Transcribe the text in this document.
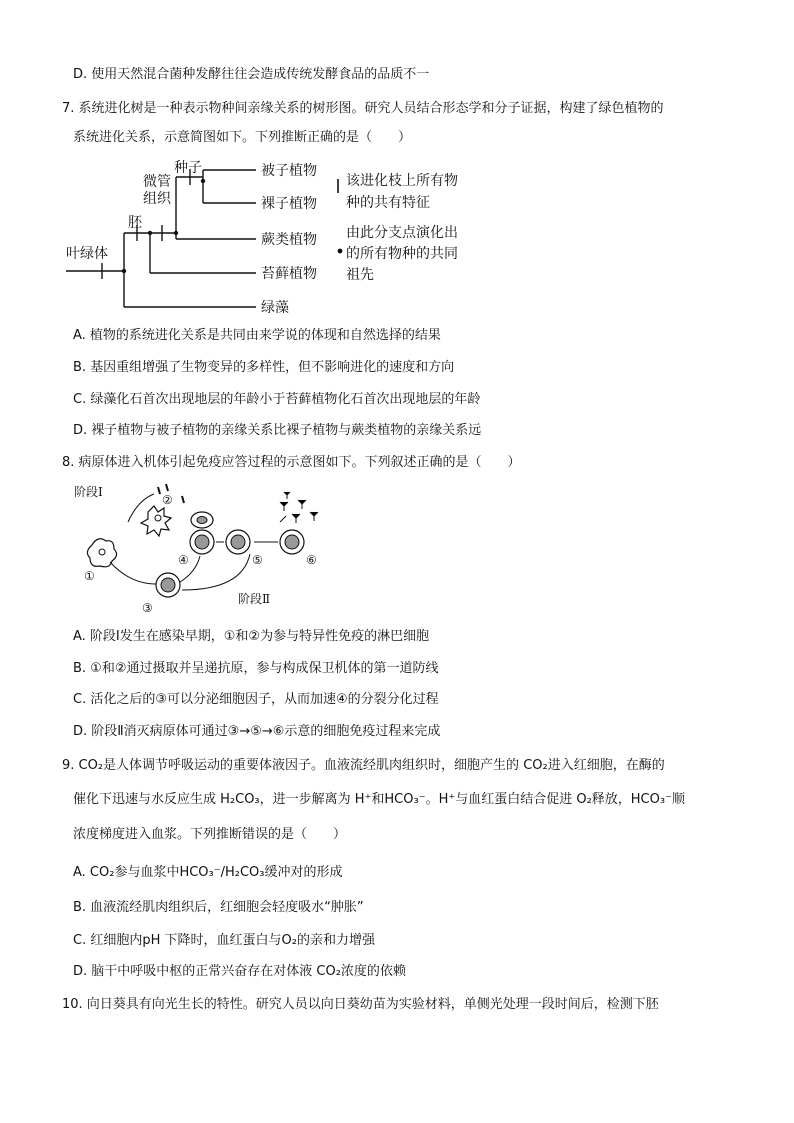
D. 使用天然混合菌种发酵往往会造成传统发酵食品的品质不一
7. 系统进化树是一种表示物种间亲缘关系的树形图。研究人员结合形态学和分子证据，构建了绿色植物的
系统进化关系，示意简图如下。下列推断正确的是（　　）
叶绿体
胚
微管
组织
种子	被子植物
裸子植物
蕨类植物
苔藓植物
绿藻
该进化枝上所有物
种的共有特征
由此分支点演化出
的所有物种的共同
祖先
A. 植物的系统进化关系是共同由来学说的体现和自然选择的结果
B. 基因重组增强了生物变异的多样性，但不影响进化的速度和方向
C. 绿藻化石首次出现地层的年龄小于苔藓植物化石首次出现地层的年龄
D. 裸子植物与被子植物的亲缘关系比裸子植物与蕨类植物的亲缘关系远
8. 病原体进入机体引起免疫应答过程的示意图如下。下列叙述正确的是（　　）
阶段Ⅰ
阶段Ⅱ
①
②
③
④	⑤	⑥
A. 阶段Ⅰ发生在感染早期，①和②为参与特异性免疫的淋巴细胞
B. ①和②通过摄取并呈递抗原，参与构成保卫机体的第一道防线
C. 活化之后的③可以分泌细胞因子，从而加速④的分裂分化过程
D. 阶段Ⅱ消灭病原体可通过③→⑤→⑥示意的细胞免疫过程来完成
9. CO₂是人体调节呼吸运动的重要体液因子。血液流经肌肉组织时，细胞产生的 CO₂进入红细胞，在酶的
催化下迅速与水反应生成 H₂CO₃，进一步解离为 H⁺和HCO₃⁻。H⁺与血红蛋白结合促进 O₂释放，HCO₃⁻顺
浓度梯度进入血浆。下列推断错误的是（　　）
A. CO₂参与血浆中HCO₃⁻/H₂CO₃缓冲对的形成
B. 血液流经肌肉组织后，红细胞会轻度吸水“肿胀”
C. 红细胞内pH 下降时，血红蛋白与O₂的亲和力增强
D. 脑干中呼吸中枢的正常兴奋存在对体液 CO₂浓度的依赖
10. 向日葵具有向光生长的特性。研究人员以向日葵幼苗为实验材料，单侧光处理一段时间后，检测下胚
